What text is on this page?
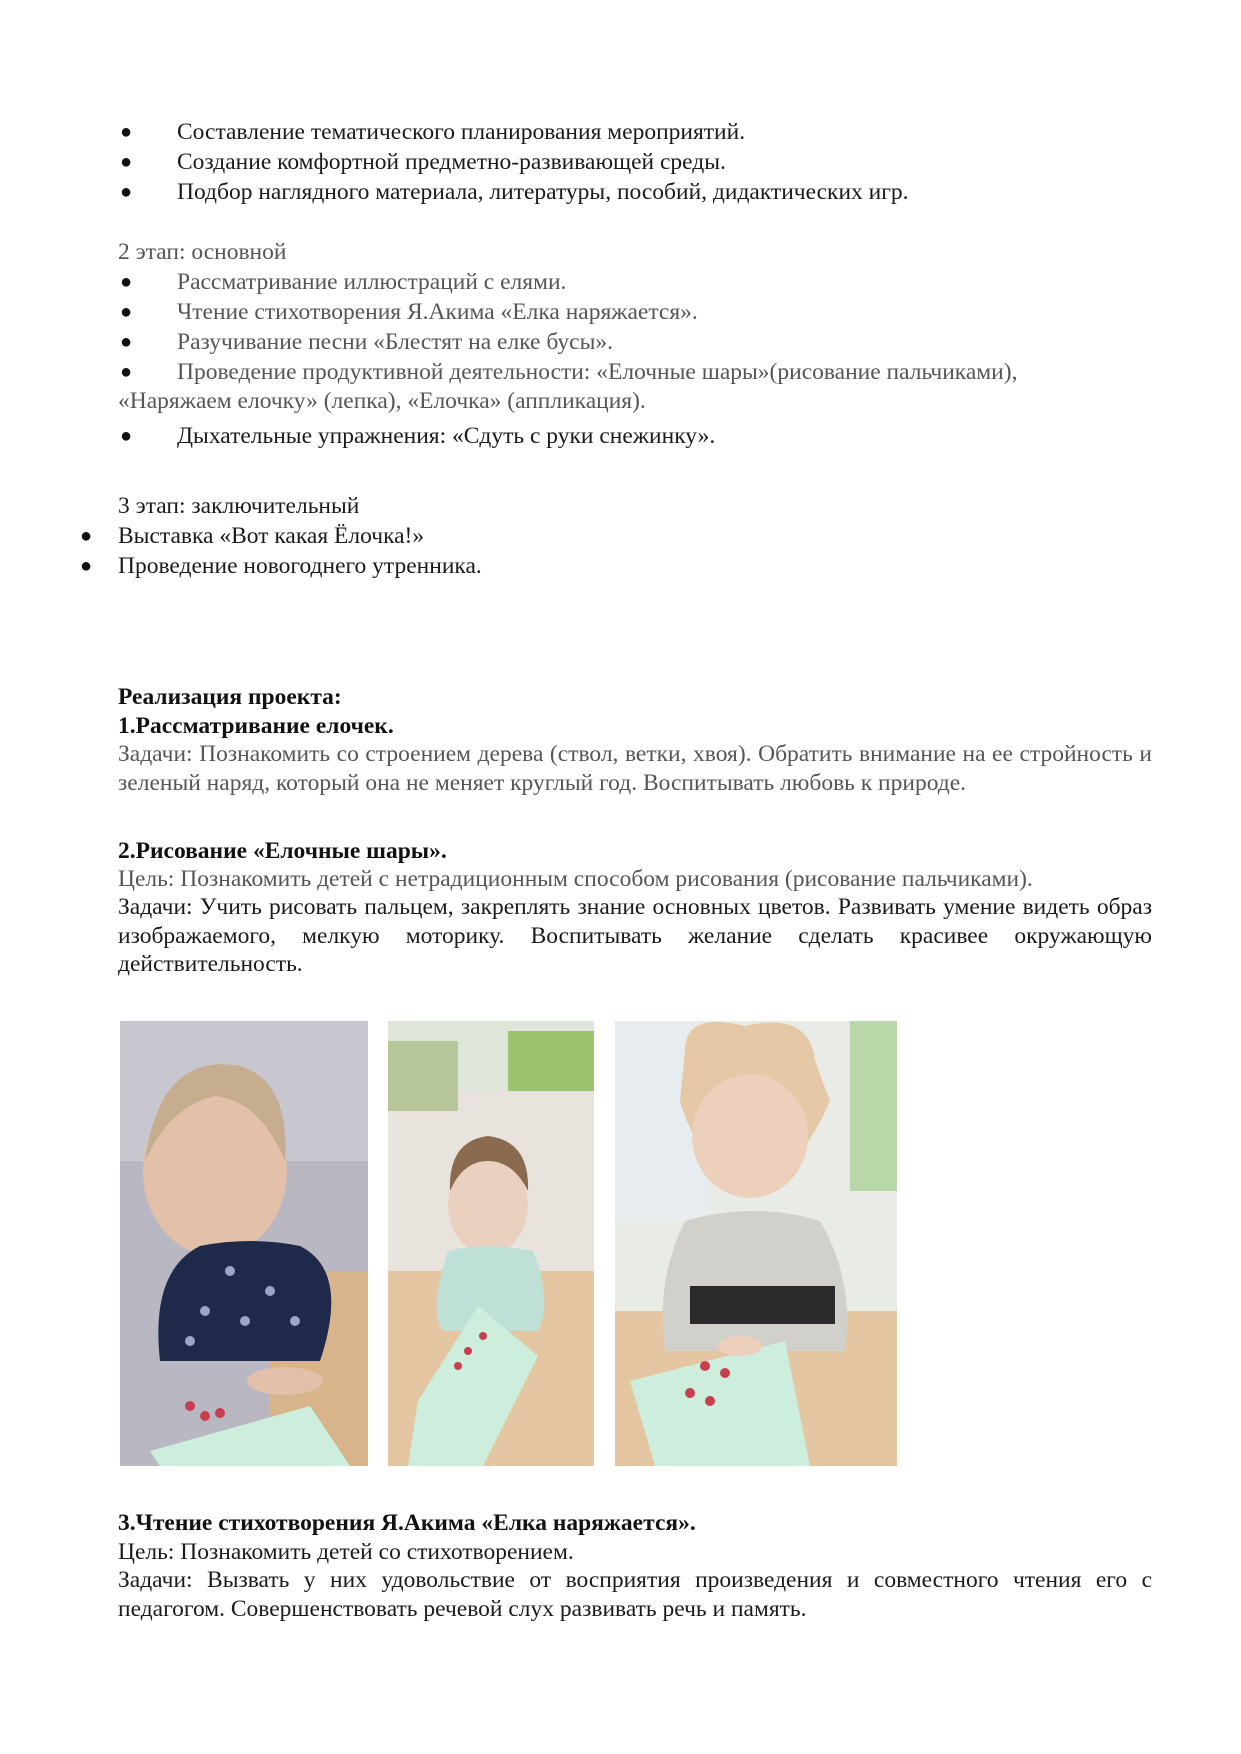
● Составление тематического планирования мероприятий.
● Создание комфортной предметно-развивающей среды.
● Подбор наглядного материала, литературы, пособий, дидактических игр.
2 этап: основной
● Рассматривание иллюстраций с елями.
● Чтение стихотворения Я.Акима «Елка наряжается».
● Разучивание песни «Блестят на елке бусы».
● Проведение продуктивной деятельности: «Елочные шары»(рисование пальчиками),
«Наряжаем елочку» (лепка), «Елочка» (аппликация).
● Дыхательные упражнения: «Сдуть с руки снежинку».
3 этап: заключительный
● Выставка «Вот какая Ёлочка!»
● Проведение новогоднего утренника.
Реализация проекта:
1.Рассматривание елочек.
Задачи: Познакомить со строением дерева (ствол, ветки, хвоя). Обратить внимание на ее стройность и зеленый наряд, который она не меняет круглый год. Воспитывать любовь к природе.
2.Рисование «Елочные шары».
Цель: Познакомить детей с нетрадиционным способом рисования (рисование пальчиками).
Задачи: Учить рисовать пальцем, закреплять знание основных цветов. Развивать умение видеть образ изображаемого, мелкую моторику. Воспитывать желание сделать красивее окружающую действительность.
3.Чтение стихотворения Я.Акима «Елка наряжается».
Цель: Познакомить детей со стихотворением.
Задачи: Вызвать у них удовольствие от восприятия произведения и совместного чтения его с педагогом. Совершенствовать речевой слух развивать речь и память.
